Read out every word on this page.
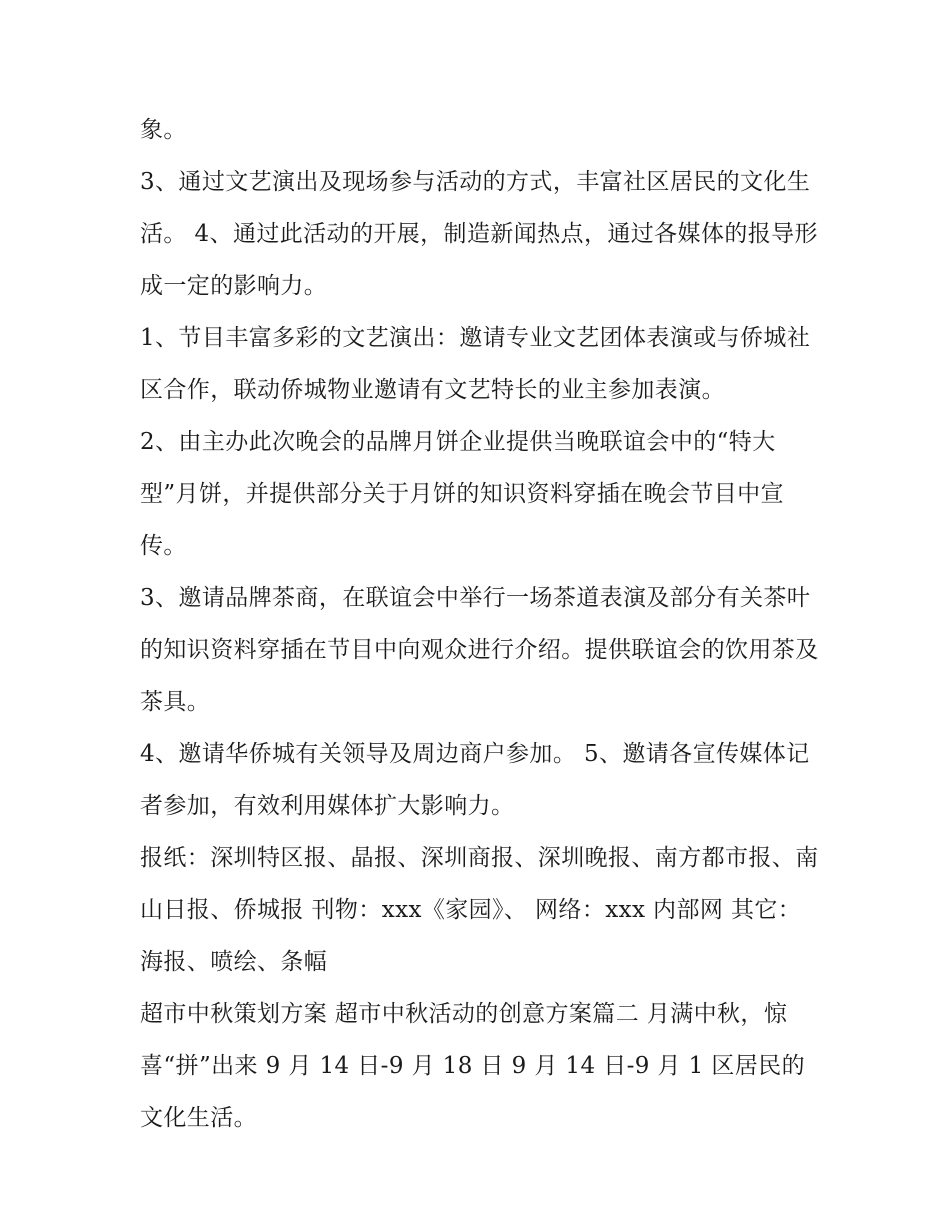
象。

3、通过文艺演出及现场参与活动的方式，丰富社区居民的文化生活。 4、通过此活动的开展，制造新闻热点，通过各媒体的报导形成一定的影响力。

1、节目丰富多彩的文艺演出：邀请专业文艺团体表演或与侨城社区合作，联动侨城物业邀请有文艺特长的业主参加表演。

2、由主办此次晚会的品牌月饼企业提供当晚联谊会中的“特大型”月饼，并提供部分关于月饼的知识资料穿插在晚会节目中宣传。

3、邀请品牌茶商，在联谊会中举行一场茶道表演及部分有关茶叶的知识资料穿插在节目中向观众进行介绍。提供联谊会的饮用茶及茶具。

4、邀请华侨城有关领导及周边商户参加。 5、邀请各宣传媒体记者参加，有效利用媒体扩大影响力。

报纸：深圳特区报、晶报、深圳商报、深圳晚报、南方都市报、南山日报、侨城报 刊物：xxx《家园》、 网络：xxx 内部网 其它：海报、喷绘、条幅

超市中秋策划方案 超市中秋活动的创意方案篇二 月满中秋，惊喜“拼”出来 9 月 14 日-9 月 18 日 9 月 14 日-9 月 1 区居民的文化生活。
